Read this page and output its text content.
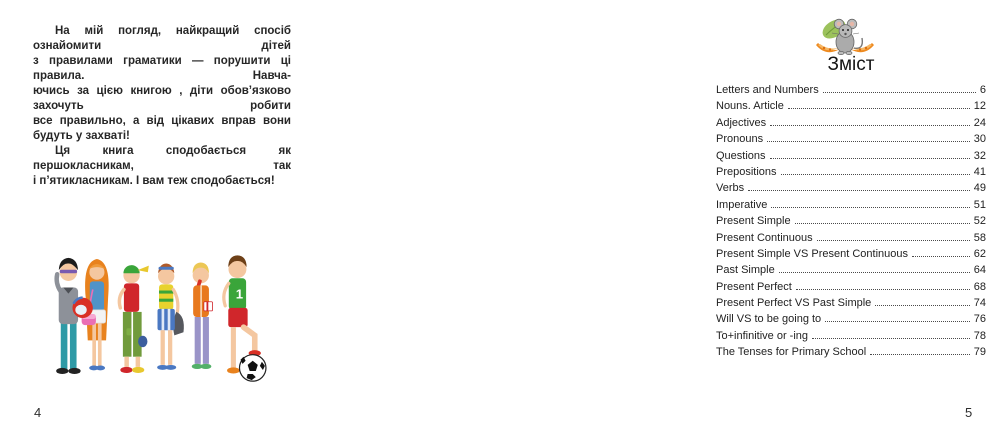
На мій погляд, найкращий спосіб ознайомити дітей
з правилами граматики — порушити ці правила. Навча-
ючись за цією книгою , діти обов’язково захочуть робити
все правильно, а від цікавих вправ вони будуть у захваті!
Ця книга сподобається як першокласникам, так
і п’ятикласникам. І вам теж сподобається!
1
4
Зміст
Letters and Numbers	6
Nouns. Article	12
Adjectives	24
Pronouns	30
Questions	32
Prepositions	41
Verbs	49
Imperative	51
Present Simple	52
Present Continuous	58
Present Simple VS Present Continuous	62
Past Simple	64
Present Perfect	68
Present Perfect VS Past Simple	74
Will VS to be going to	76
To+infinitive or -ing	78
The Tenses for Primary School	79
5
